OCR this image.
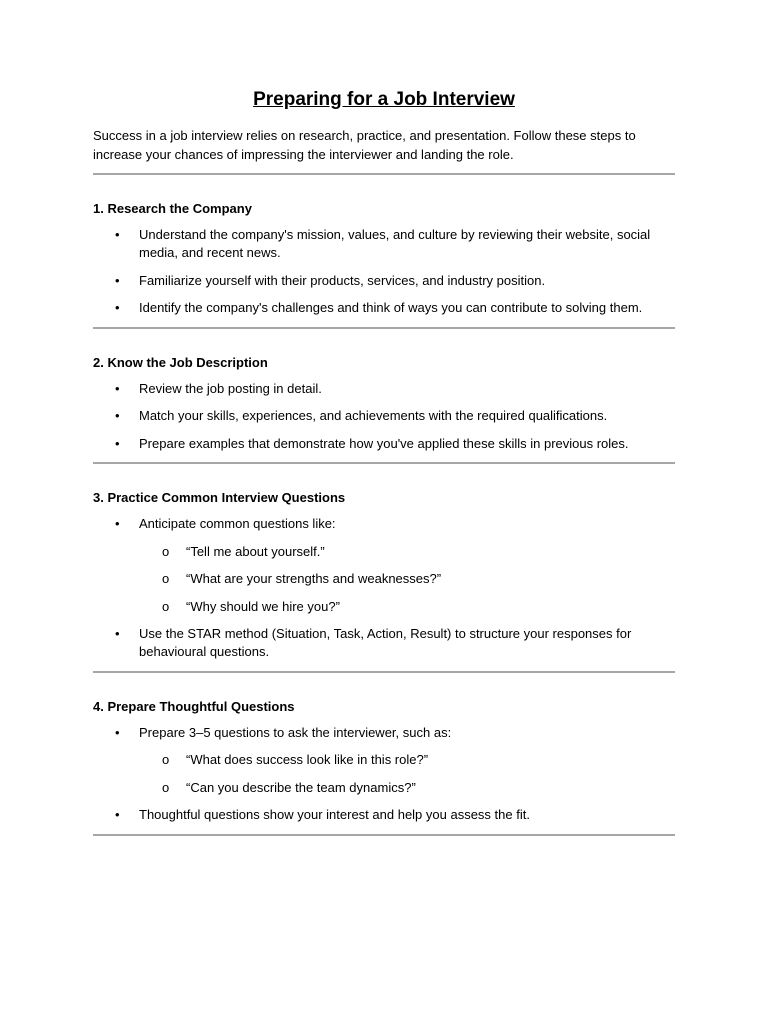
Preparing for a Job Interview

Success in a job interview relies on research, practice, and presentation. Follow these steps to increase your chances of impressing the interviewer and landing the role.

1. Research the Company
• Understand the company's mission, values, and culture by reviewing their website, social media, and recent news.
• Familiarize yourself with their products, services, and industry position.
• Identify the company's challenges and think of ways you can contribute to solving them.
2. Know the Job Description
• Review the job posting in detail.
• Match your skills, experiences, and achievements with the required qualifications.
• Prepare examples that demonstrate how you've applied these skills in previous roles.
3. Practice Common Interview Questions
• Anticipate common questions like:
o “Tell me about yourself.”
o “What are your strengths and weaknesses?”
o “Why should we hire you?”
• Use the STAR method (Situation, Task, Action, Result) to structure your responses for behavioural questions.
4. Prepare Thoughtful Questions
• Prepare 3–5 questions to ask the interviewer, such as:
o “What does success look like in this role?”
o “Can you describe the team dynamics?”
• Thoughtful questions show your interest and help you assess the fit.
